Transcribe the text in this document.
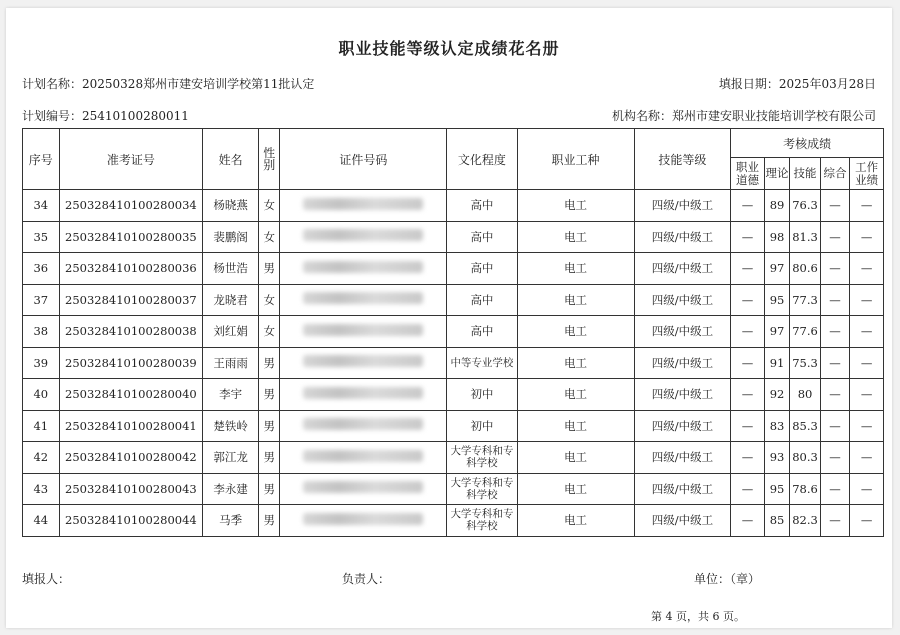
职业技能等级认定成绩花名册
计划名称：20250328郑州市建安培训学校第11批认定	填报日期：2025年03月28日
计划编号：25410100280011	机构名称：郑州市建安职业技能培训学校有限公司
序号	准考证号	姓名	性别	证件号码	文化程度	职业工种	技能等级	考核成绩				
								职业道德	理论	技能	综合	工作业绩
34	250328410100280034	杨晓燕	女		高中	电工	四级/中级工	—	89	76.3	—	—
35	250328410100280035	裴鹏阁	女		高中	电工	四级/中级工	—	98	81.3	—	—
36	250328410100280036	杨世浩	男		高中	电工	四级/中级工	—	97	80.6	—	—
37	250328410100280037	龙晓君	女		高中	电工	四级/中级工	—	95	77.3	—	—
38	250328410100280038	刘红娟	女		高中	电工	四级/中级工	—	97	77.6	—	—
39	250328410100280039	王雨雨	男		中等专业学校	电工	四级/中级工	—	91	75.3	—	—
40	250328410100280040	李宇	男		初中	电工	四级/中级工	—	92	80	—	—
41	250328410100280041	楚铁岭	男		初中	电工	四级/中级工	—	83	85.3	—	—
42	250328410100280042	郭江龙	男		大学专科和专科学校	电工	四级/中级工	—	93	80.3	—	—
43	250328410100280043	李永建	男		大学专科和专科学校	电工	四级/中级工	—	95	78.6	—	—
44	250328410100280044	马季	男		大学专科和专科学校	电工	四级/中级工	—	85	82.3	—	—
填报人：	负责人：	单位：（章）
第 4 页，共 6 页。
